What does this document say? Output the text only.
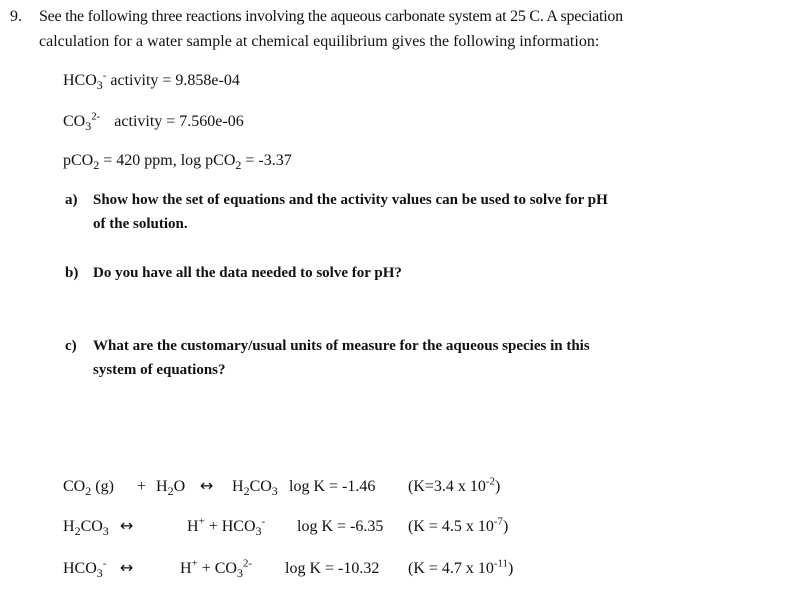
9. See the following three reactions involving the aqueous carbonate system at 25 C. A speciation
calculation for a water sample at chemical equilibrium gives the following information:
$HCO_3^-$ activity = 9.858e-04
$CO_3^{2-}$ activity = 7.560e-06
pCO$_2$ = 420 ppm, log pCO$_2$ = -3.37
a) Show how the set of equations and the activity values can be used to solve for pH
of the solution.
b) Do you have all the data needed to solve for pH?
c) What are the customary/usual units of measure for the aqueous species in this
system of equations?
$CO_2$ $(g) + H_2O$ ↔ $H_2CO_3$ log K = -1.46 (K=3.4 x $10^{-2}$)
$H_2CO_3$ ↔	$H^+ + HCO_3^-$ log K = -6.35 (K = 4.5 x $10^{-7}$)
$HCO_3^-$ ↔	$H^+ + CO_3^{2-}$ log K = -10.32 (K = 4.7 x $10^{-11}$)
